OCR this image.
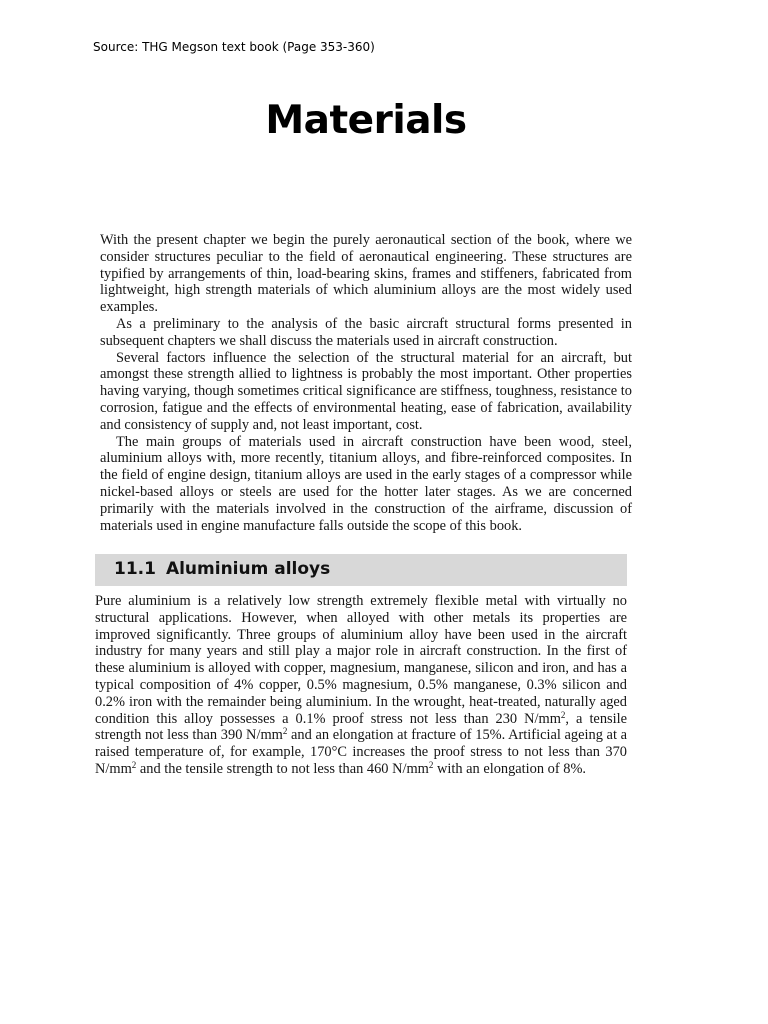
Source: THG Megson text book (Page 353-360)
Materials

With the present chapter we begin the purely aeronautical section of the book, where we consider structures peculiar to the field of aeronautical engineering. These structures are typified by arrangements of thin, load-bearing skins, frames and stiffeners, fabricated from lightweight, high strength materials of which aluminium alloys are the most widely used examples.

As a preliminary to the analysis of the basic aircraft structural forms presented in subsequent chapters we shall discuss the materials used in aircraft construction.

Several factors influence the selection of the structural material for an aircraft, but amongst these strength allied to lightness is probably the most important. Other properties having varying, though sometimes critical significance are stiffness, toughness, resistance to corrosion, fatigue and the effects of environmental heating, ease of fabrication, availability and consistency of supply and, not least important, cost.

The main groups of materials used in aircraft construction have been wood, steel, aluminium alloys with, more recently, titanium alloys, and fibre-reinforced composites. In the field of engine design, titanium alloys are used in the early stages of a compressor while nickel-based alloys or steels are used for the hotter later stages. As we are concerned primarily with the materials involved in the construction of the airframe, discussion of materials used in engine manufacture falls outside the scope of this book.

11.1 Aluminium alloys

Pure aluminium is a relatively low strength extremely flexible metal with virtually no structural applications. However, when alloyed with other metals its properties are improved significantly. Three groups of aluminium alloy have been used in the aircraft industry for many years and still play a major role in aircraft construction. In the first of these aluminium is alloyed with copper, magnesium, manganese, silicon and iron, and has a typical composition of 4% copper, 0.5% magnesium, 0.5% manganese, 0.3% silicon and 0.2% iron with the remainder being aluminium. In the wrought, heat-treated, naturally aged condition this alloy possesses a 0.1% proof stress not less than 230 $N/mm^2$, a tensile strength not less than 390 $N/mm^2$ and an elongation at fracture of 15%. Artificial ageing at a raised temperature of, for example, 170°C increases the proof stress to not less than 370 $N/mm^2$ and the tensile strength to not less than 460 $N/mm^2$ with an elongation of 8%.
